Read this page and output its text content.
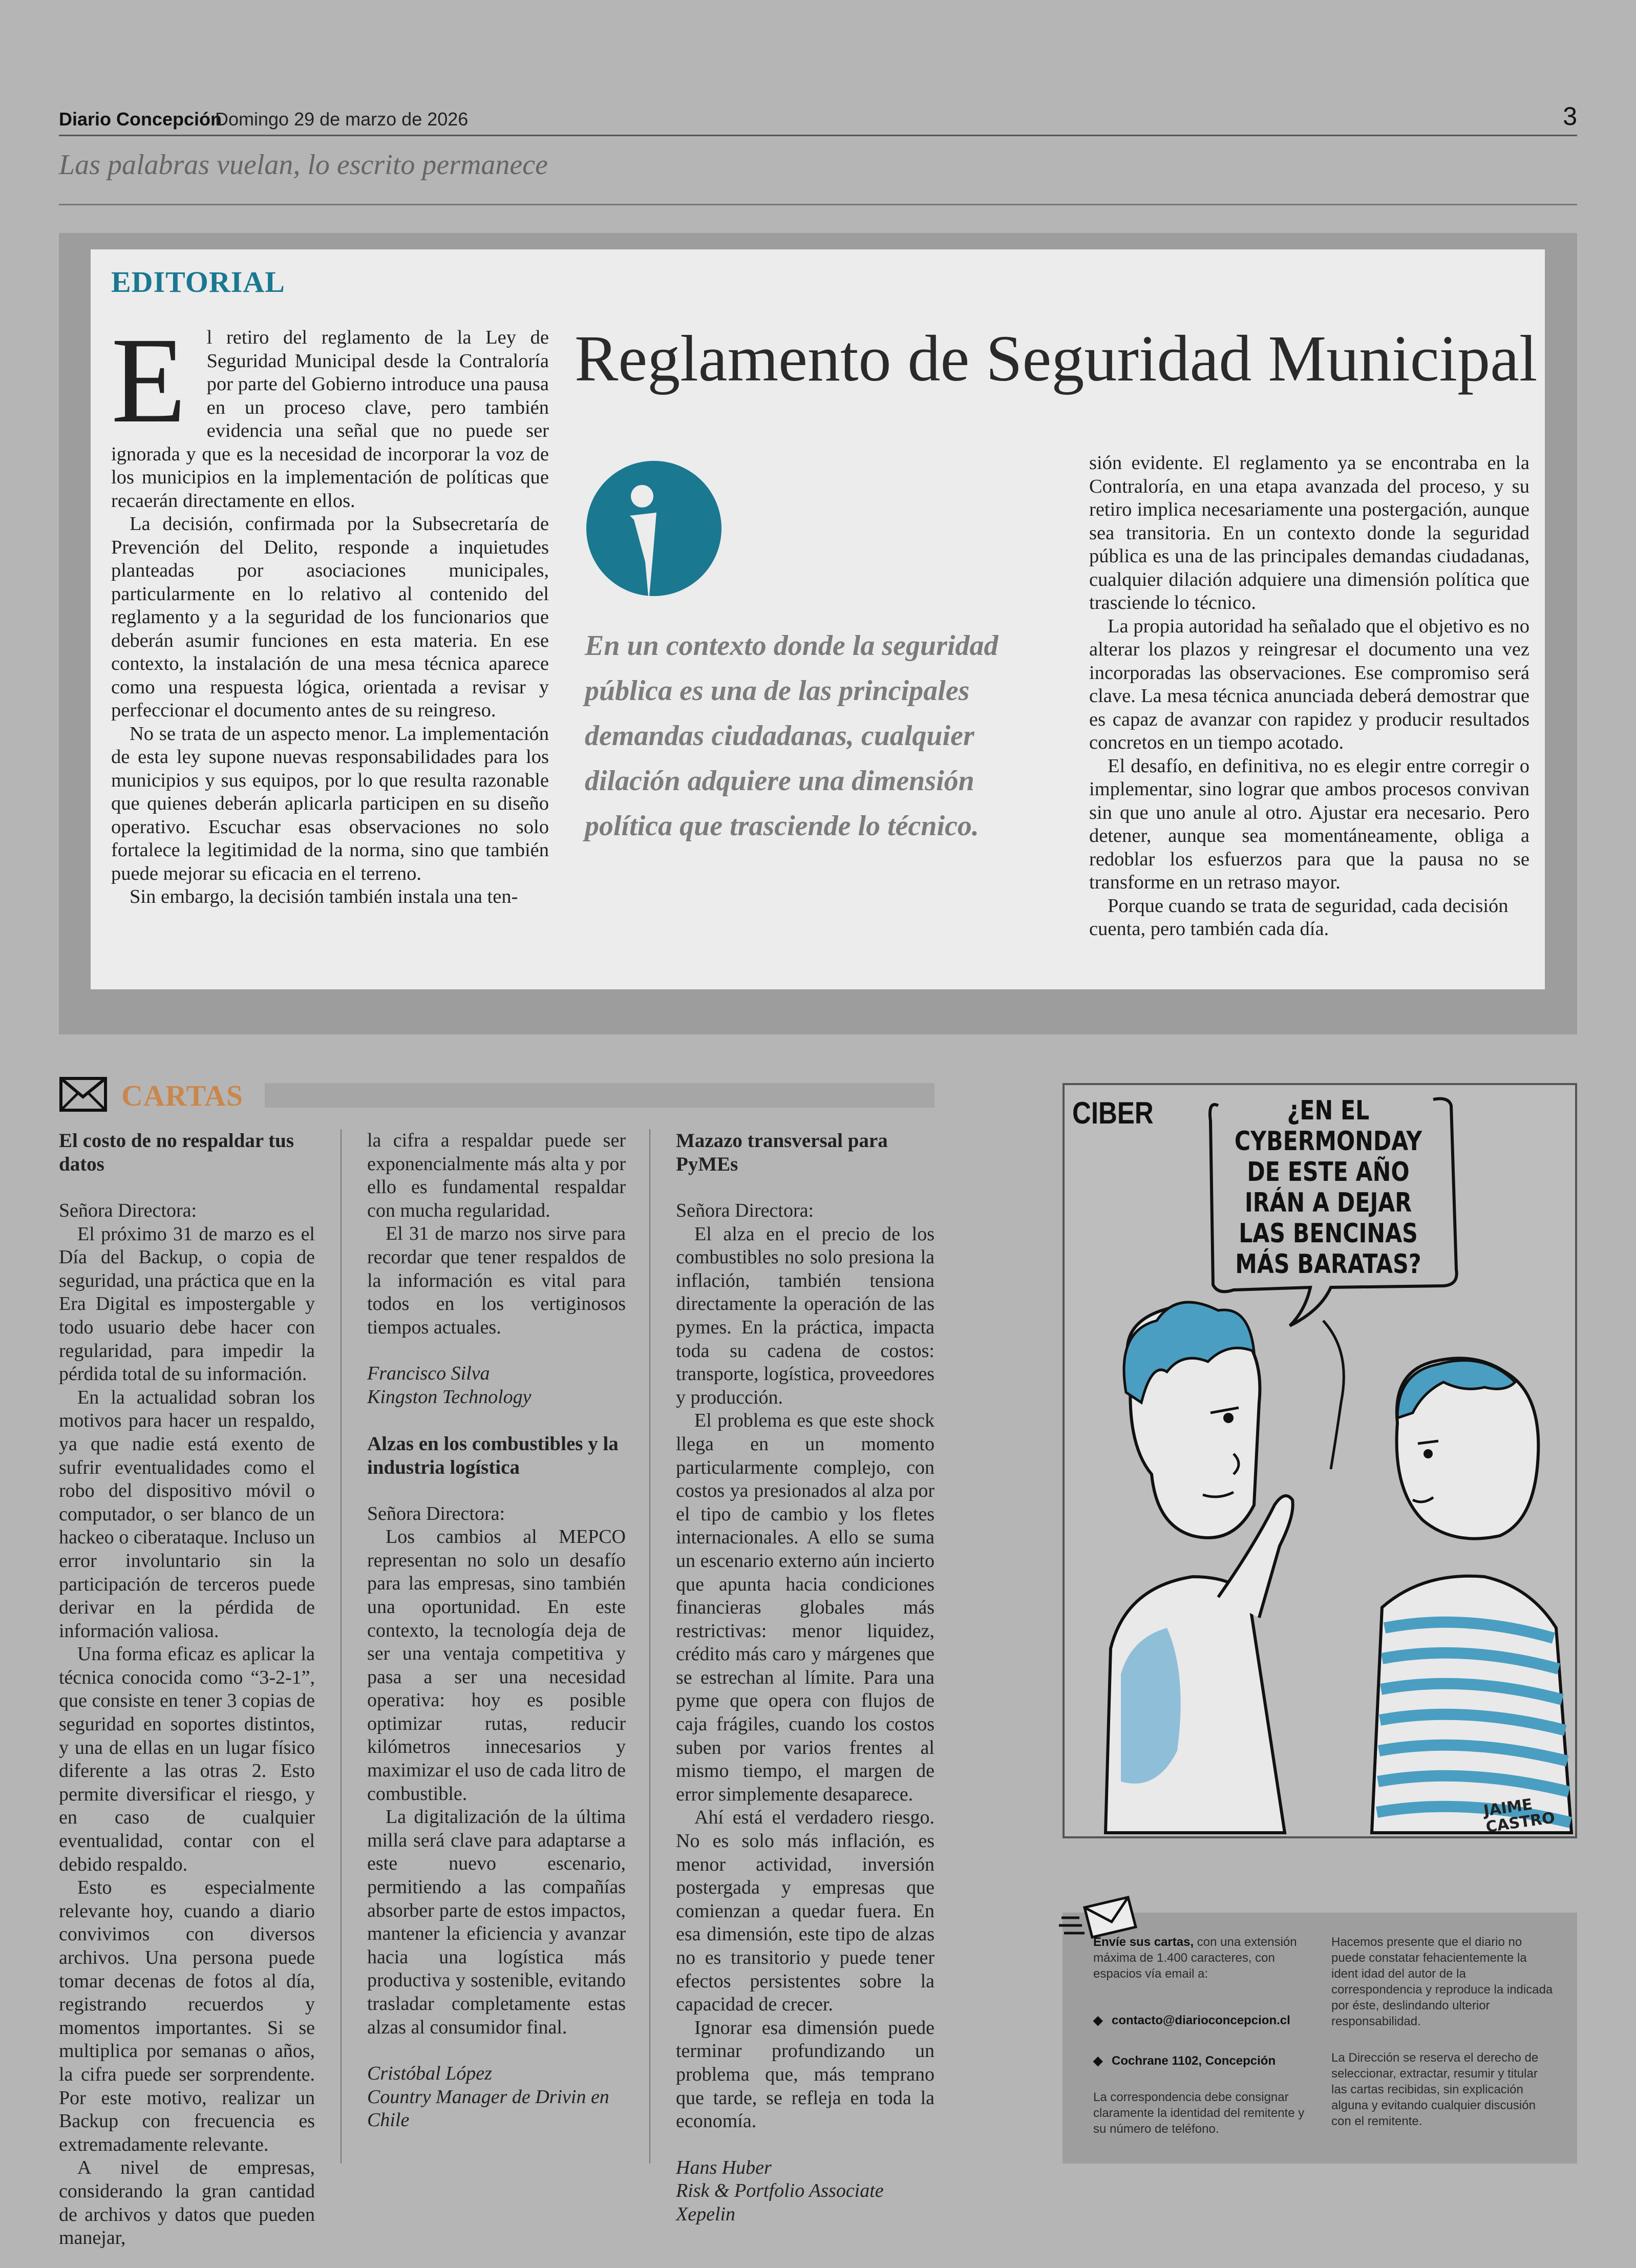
Diario Concepción
Domingo 29 de marzo de 2026	3
Las palabras vuelan, lo escrito permanece
EDITORIAL
Reglamento de Seguridad Municipal
E	l retiro del reglamento de la Ley de Seguridad Municipal desde la Contraloría por parte del Gobierno introduce una pausa en un proceso clave, pero también evidencia una señal que no puede ser ignorada y que es la necesidad de incorporar la voz de los municipios en la implementación de políticas que recaerán directamente en ellos.

La decisión, confirmada por la Subsecretaría de Prevención del Delito, responde a inquietudes planteadas por asociaciones municipales, particularmente en lo relativo al contenido del reglamento y a la seguridad de los funcionarios que deberán asumir funciones en esta materia. En ese contexto, la instalación de una mesa técnica aparece como una respuesta lógica, orientada a revisar y perfeccionar el documento antes de su reingreso.

No se trata de un aspecto menor. La implementación de esta ley supone nuevas responsabilidades para los municipios y sus equipos, por lo que resulta razonable que quienes deberán aplicarla participen en su diseño operativo. Escuchar esas observaciones no solo fortalece la legitimidad de la norma, sino que también puede mejorar su eficacia en el terreno.

Sin embargo, la decisión también instala una ten-

En un contexto donde la seguridad pública es una de las principales demandas ciudadanas, cualquier dilación adquiere una dimensión política que trasciende lo técnico.

sión evidente. El reglamento ya se encontraba en la Contraloría, en una etapa avanzada del proceso, y su retiro implica necesariamente una postergación, aunque sea transitoria. En un contexto donde la seguridad pública es una de las principales demandas ciudadanas, cualquier dilación adquiere una dimensión política que trasciende lo técnico.

La propia autoridad ha señalado que el objetivo es no alterar los plazos y reingresar el documento una vez incorporadas las observaciones. Ese compromiso será clave. La mesa técnica anunciada deberá demostrar que es capaz de avanzar con rapidez y producir resultados concretos en un tiempo acotado.

El desafío, en definitiva, no es elegir entre corregir o implementar, sino lograr que ambos procesos convivan sin que uno anule al otro. Ajustar era necesario. Pero detener, aunque sea momentáneamente, obliga a redoblar los esfuerzos para que la pausa no se transforme en un retraso mayor.

Porque cuando se trata de seguridad, cada decisión cuenta, pero también cada día.

CARTAS
El costo de no respaldar tus datos
Señora Directora:

El próximo 31 de marzo es el Día del Backup, o copia de seguridad, una práctica que en la Era Digital es impostergable y todo usuario debe hacer con regularidad, para impedir la pérdida total de su información.

En la actualidad sobran los motivos para hacer un respaldo, ya que nadie está exento de sufrir eventualidades como el robo del dispositivo móvil o computador, o ser blanco de un hackeo o ciberataque. Incluso un error involuntario sin la participación de terceros puede derivar en la pérdida de información valiosa.

Una forma eficaz es aplicar la técnica conocida como “3-2-1”, que consiste en tener 3 copias de seguridad en soportes distintos, y una de ellas en un lugar físico diferente a las otras 2. Esto permite diversificar el riesgo, y en caso de cualquier eventualidad, contar con el debido respaldo.

Esto es especialmente relevante hoy, cuando a diario convivimos con diversos archivos. Una persona puede tomar decenas de fotos al día, registrando recuerdos y momentos importantes. Si se multiplica por semanas o años, la cifra puede ser sorprendente. Por este motivo, realizar un Backup con frecuencia es extremadamente relevante.

A nivel de empresas, considerando la gran cantidad de archivos y datos que pueden manejar,

la cifra a respaldar puede ser exponencialmente más alta y por ello es fundamental respaldar con mucha regularidad.

El 31 de marzo nos sirve para recordar que tener respaldos de la información es vital para todos en los vertiginosos tiempos actuales.

Francisco Silva
Kingston Technology
Alzas en los combustibles y la industria logística
Señora Directora:

Los cambios al MEPCO representan no solo un desafío para las empresas, sino también una oportunidad. En este contexto, la tecnología deja de ser una ventaja competitiva y pasa a ser una necesidad operativa: hoy es posible optimizar rutas, reducir kilómetros innecesarios y maximizar el uso de cada litro de combustible.

La digitalización de la última milla será clave para adaptarse a este nuevo escenario, permitiendo a las compañías absorber parte de estos impactos, mantener la eficiencia y avanzar hacia una logística más productiva y sostenible, evitando trasladar completamente estas alzas al consumidor final.

Cristóbal López
Country Manager de Drivin en Chile
Mazazo transversal para PyMEs
Señora Directora:

El alza en el precio de los combustibles no solo presiona la inflación, también tensiona directamente la operación de las pymes. En la práctica, impacta toda su cadena de costos: transporte, logística, proveedores y producción.

El problema es que este shock llega en un momento particularmente complejo, con costos ya presionados al alza por el tipo de cambio y los fletes internacionales. A ello se suma un escenario externo aún incierto que apunta hacia condiciones financieras globales más restrictivas: menor liquidez, crédito más caro y márgenes que se estrechan al límite. Para una pyme que opera con flujos de caja frágiles, cuando los costos suben por varios frentes al mismo tiempo, el margen de error simplemente desaparece.

Ahí está el verdadero riesgo. No es solo más inflación, es menor actividad, inversión postergada y empresas que comienzan a quedar fuera. En esa dimensión, este tipo de alzas no es transitorio y puede tener efectos persistentes sobre la capacidad de crecer.

Ignorar esa dimensión puede terminar profundizando un problema que, más temprano que tarde, se refleja en toda la economía.

Hans Huber
Risk & Portfolio Associate Xepelin
CIBER	¿EN EL CYBERMONDAY DE ESTE AÑO IRÁN A DEJAR LAS BENCINAS MÁS BARATAS?
JAIME CASTRO
Envíe sus cartas, con una extensión máxima de 1.400 caracteres, con espacios vía email a:
◆ contacto@diarioconcepcion.cl
◆ Cochrane 1102, Concepción
La correspondencia debe consignar claramente la identidad del remitente y su número de teléfono.
Hacemos presente que el diario no puede constatar fehacientemente la ident idad del autor de la correspondencia y reproduce la indicada por éste, deslindando ulterior responsabilidad.
La Dirección se reserva el derecho de seleccionar, extractar, resumir y titular las cartas recibidas, sin explicación alguna y evitando cualquier discusión con el remitente.
